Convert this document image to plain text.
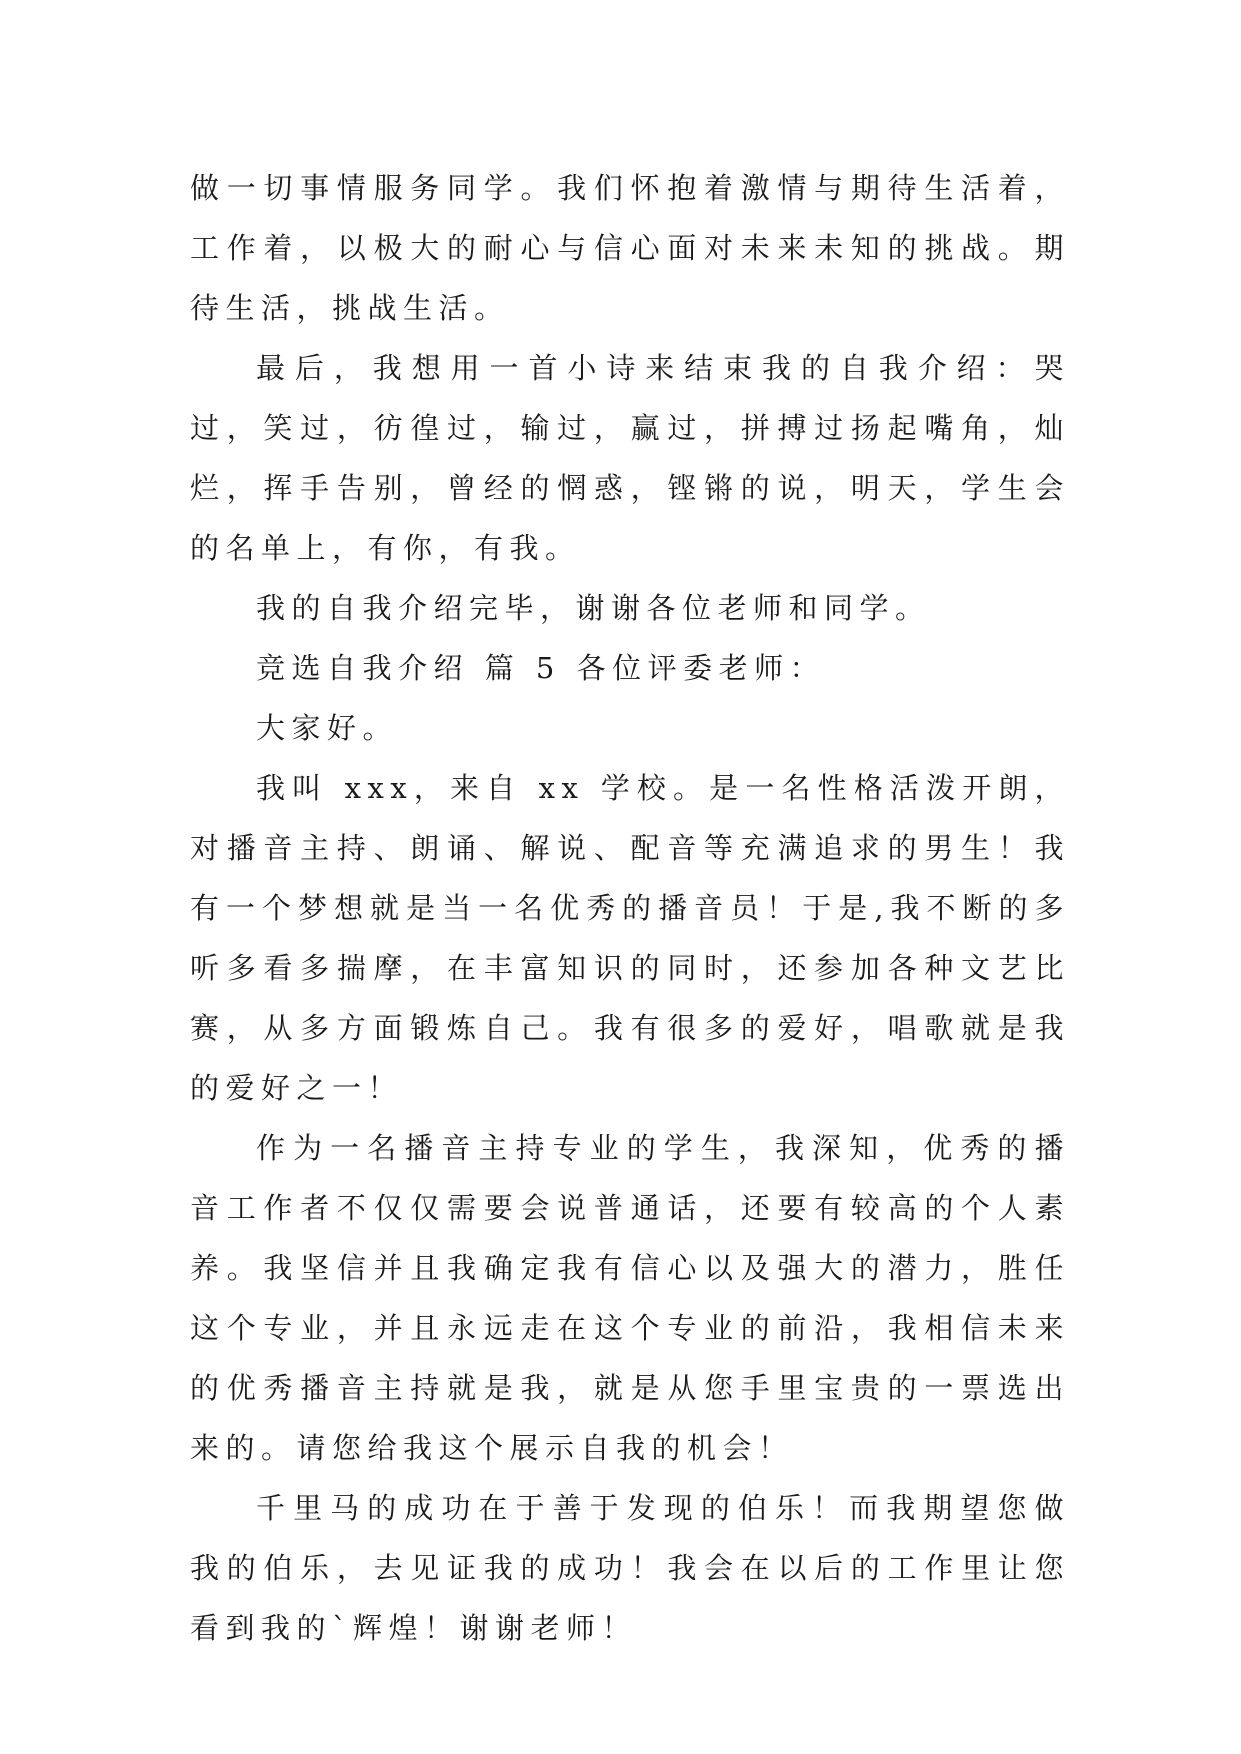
做一切事情服务同学。我们怀抱着激情与期待生活着，工作着，以极大的耐心与信心面对未来未知的挑战。期待生活，挑战生活。

最后，我想用一首小诗来结束我的自我介绍：哭过，笑过，彷徨过，输过，赢过，拼搏过扬起嘴角，灿烂，挥手告别，曾经的惘惑，铿锵的说，明天，学生会的名单上，有你，有我。

我的自我介绍完毕，谢谢各位老师和同学。

竞选自我介绍 篇 5 各位评委老师：

大家好。

我叫 xxx，来自 xx 学校。是一名性格活泼开朗，对播音主持、朗诵、解说、配音等充满追求的男生！我有一个梦想就是当一名优秀的播音员！于是,我不断的多听多看多揣摩，在丰富知识的同时，还参加各种文艺比赛，从多方面锻炼自己。我有很多的爱好，唱歌就是我的爱好之一！

作为一名播音主持专业的学生，我深知，优秀的播音工作者不仅仅需要会说普通话，还要有较高的个人素养。我坚信并且我确定我有信心以及强大的潜力，胜任这个专业，并且永远走在这个专业的前沿，我相信未来的优秀播音主持就是我，就是从您手里宝贵的一票选出来的。请您给我这个展示自我的机会！

千里马的成功在于善于发现的伯乐！而我期望您做我的伯乐，去见证我的成功！我会在以后的工作里让您看到我的`辉煌！谢谢老师！
